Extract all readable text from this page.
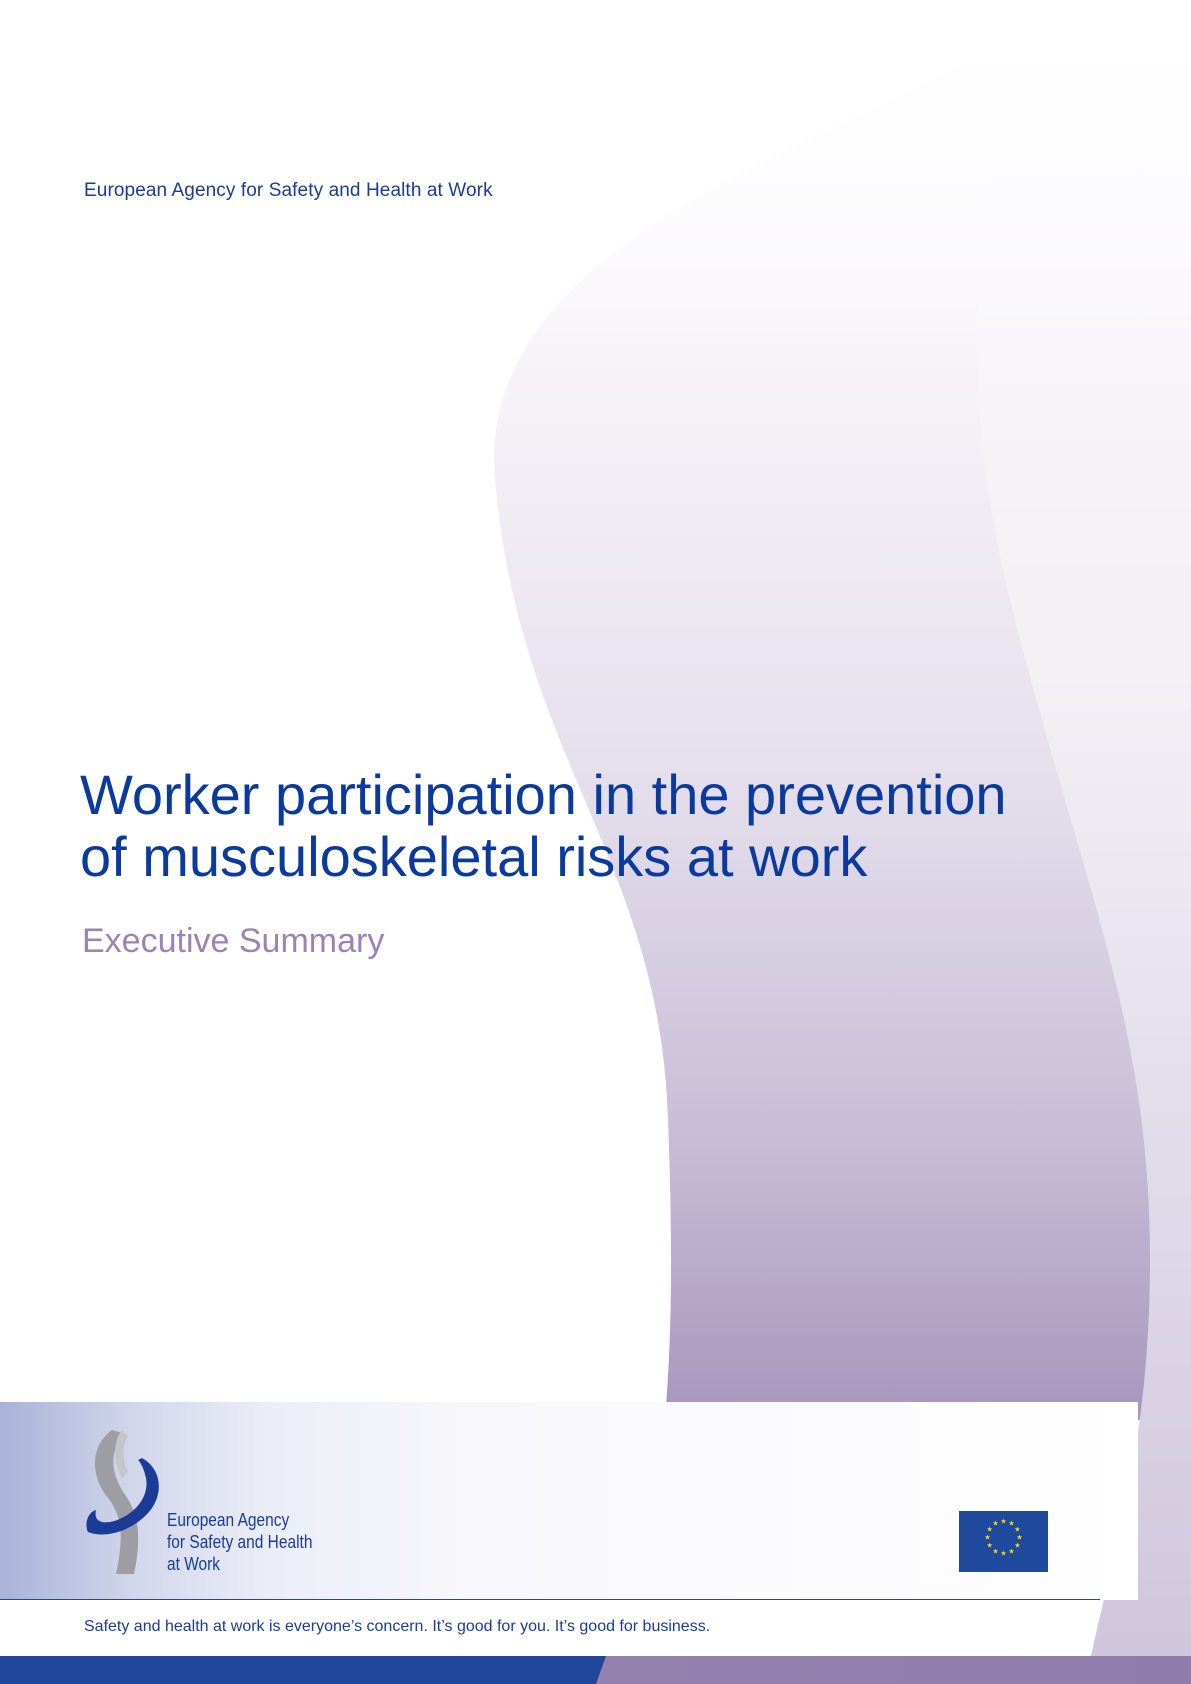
European Agency for Safety and Health at Work
Worker participation in the prevention
of musculoskeletal risks at work
Executive Summary
European Agency
for Safety and Health
at Work
★ ★
★
★
★
★
★
★
★
★
★
★
Safety and health at work is everyone’s concern. It’s good for you. It’s good for business.
